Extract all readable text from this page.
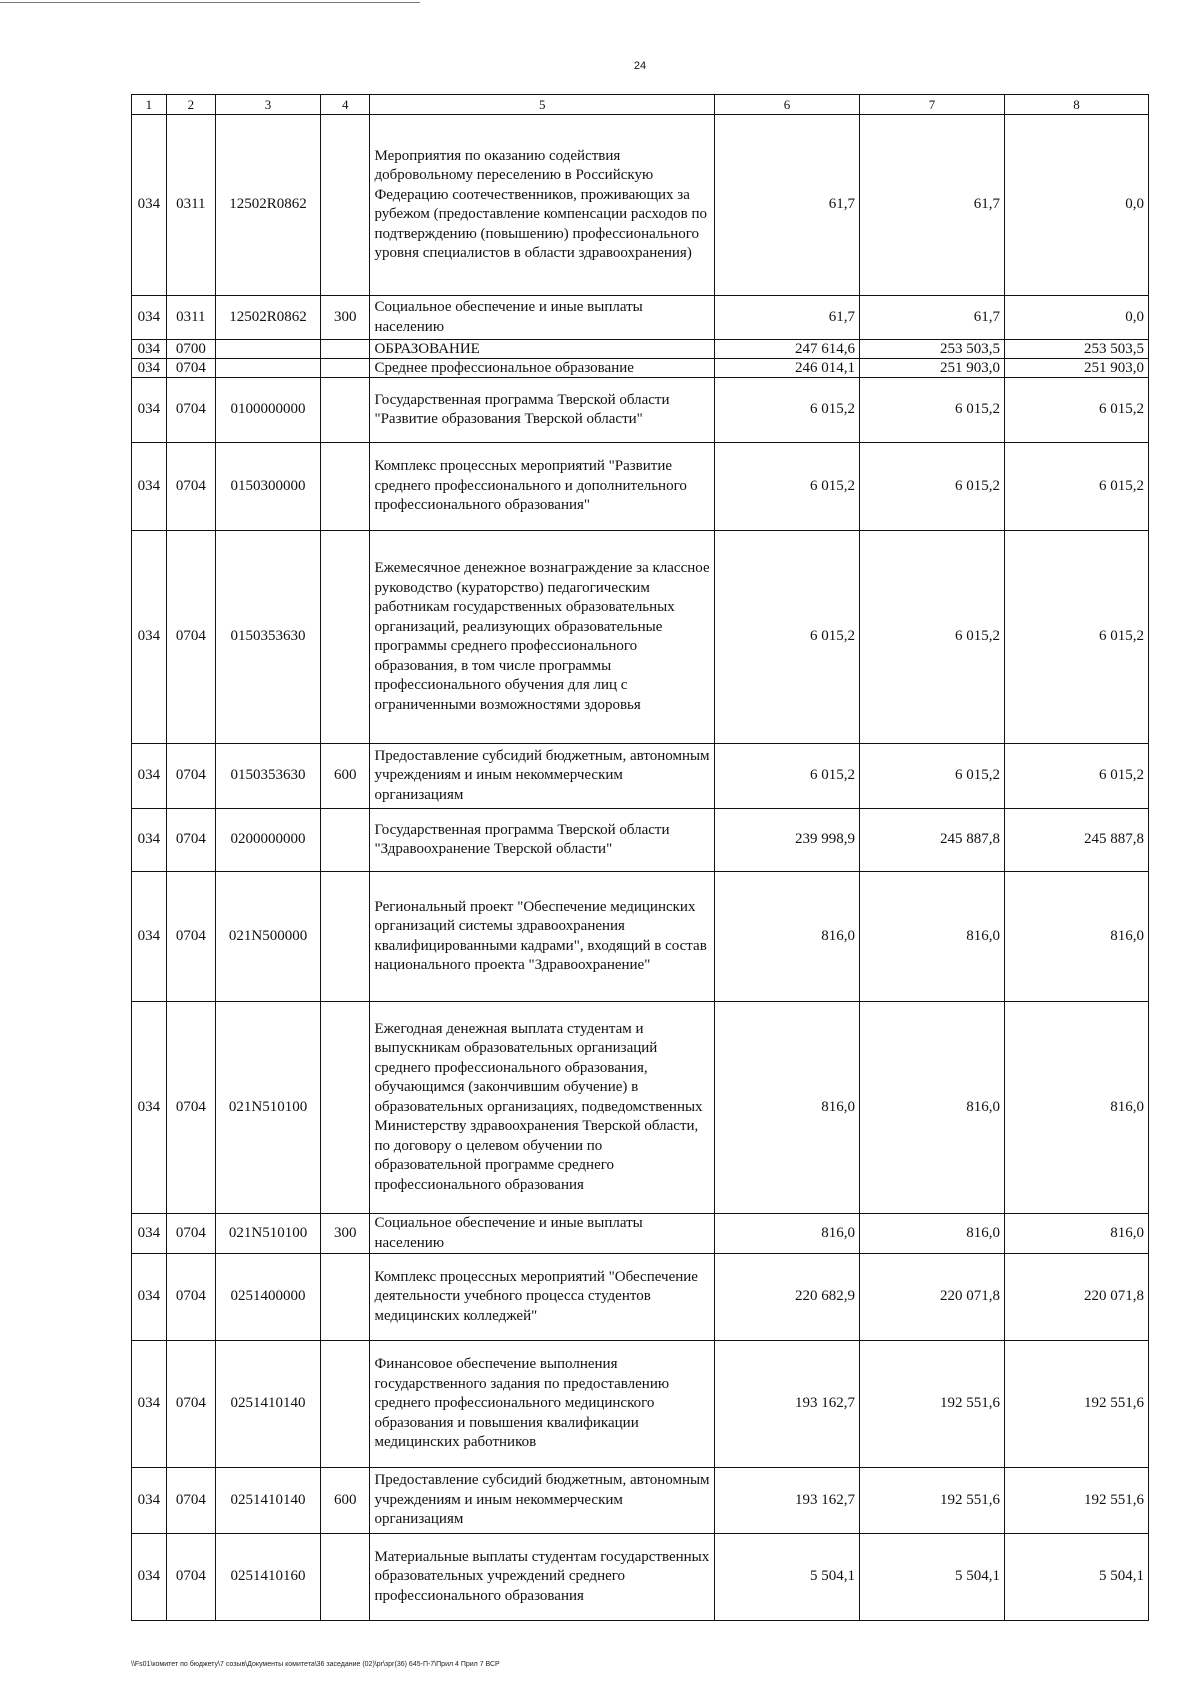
24
1	2	3	4	5	6	7	8
034	0311	12502R0862		Мероприятия по оказанию содействия добровольному переселению в Российскую Федерацию соотечественников, проживающих за рубежом (предоставление компенсации расходов по подтверждению (повышению) профессионального уровня специалистов в области здравоохранения)	61,7	61,7	0,0
034	0311	12502R0862	300	Социальное обеспечение и иные выплаты населению	61,7	61,7	0,0
034	0700			ОБРАЗОВАНИЕ	247 614,6	253 503,5	253 503,5
034	0704			Среднее профессиональное образование	246 014,1	251 903,0	251 903,0
034	0704	0100000000		Государственная программа Тверской области "Развитие образования Тверской области"	6 015,2	6 015,2	6 015,2
034	0704	0150300000		Комплекс процессных мероприятий "Развитие среднего профессионального и дополнительного профессионального образования"	6 015,2	6 015,2	6 015,2
034	0704	0150353630		Ежемесячное денежное вознаграждение за классное руководство (кураторство) педагогическим работникам государственных образовательных организаций, реализующих образовательные программы среднего профессионального образования, в том числе программы профессионального обучения для лиц с ограниченными возможностями здоровья	6 015,2	6 015,2	6 015,2
034	0704	0150353630	600	Предоставление субсидий бюджетным, автономным учреждениям и иным некоммерческим организациям	6 015,2	6 015,2	6 015,2
034	0704	0200000000		Государственная программа Тверской области "Здравоохранение Тверской области"	239 998,9	245 887,8	245 887,8
034	0704	021N500000		Региональный проект "Обеспечение медицинских организаций системы здравоохранения квалифицированными кадрами", входящий в состав национального проекта "Здравоохранение"	816,0	816,0	816,0
034	0704	021N510100		Ежегодная денежная выплата студентам и выпускникам образовательных организаций среднего профессионального образования, обучающимся (закончившим обучение) в образовательных организациях, подведомственных Министерству здравоохранения Тверской области, по договору о целевом обучении по образовательной программе среднего профессионального образования	816,0	816,0	816,0
034	0704	021N510100	300	Социальное обеспечение и иные выплаты населению	816,0	816,0	816,0
034	0704	0251400000		Комплекс процессных мероприятий "Обеспечение деятельности учебного процесса студентов медицинских колледжей"	220 682,9	220 071,8	220 071,8
034	0704	0251410140		Финансовое обеспечение выполнения государственного задания по предоставлению среднего профессионального медицинского образования и повышения квалификации медицинских работников	193 162,7	192 551,6	192 551,6
034	0704	0251410140	600	Предоставление субсидий бюджетным, автономным учреждениям и иным некоммерческим организациям	193 162,7	192 551,6	192 551,6
034	0704	0251410160		Материальные выплаты студентам государственных образовательных учреждений среднего профессионального образования	5 504,1	5 504,1	5 504,1
\\Fs01\комитет по бюджету\7 созыв\Документы комитета\36 заседание (02)\pr\зрг(36) 645-П-7\Прил 4 Прил 7 ВСР
